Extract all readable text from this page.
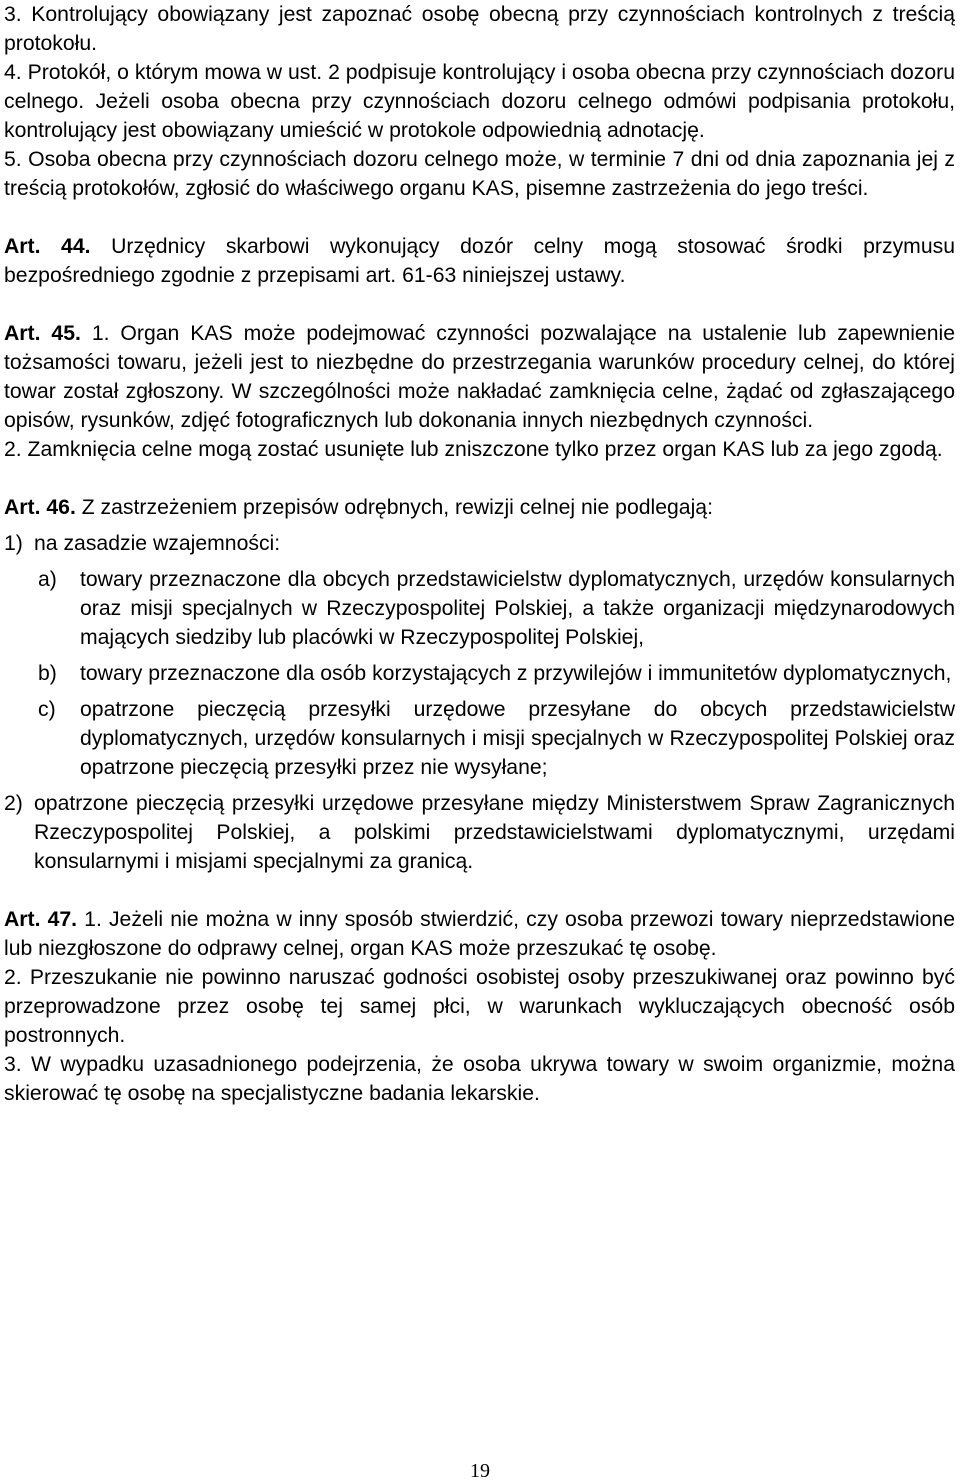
3. Kontrolujący obowiązany jest zapoznać osobę obecną przy czynnościach kontrolnych z treścią protokołu.

4. Protokół, o którym mowa w ust. 2 podpisuje kontrolujący i osoba obecna przy czynnościach dozoru celnego. Jeżeli osoba obecna przy czynnościach dozoru celnego odmówi podpisania protokołu, kontrolujący jest obowiązany umieścić w protokole odpowiednią adnotację.

5. Osoba obecna przy czynnościach dozoru celnego może, w terminie 7 dni od dnia zapoznania jej z treścią protokołów, zgłosić do właściwego organu KAS, pisemne zastrzeżenia do jego treści.

Art. 44. Urzędnicy skarbowi wykonujący dozór celny mogą stosować środki przymusu bezpośredniego zgodnie z przepisami art. 61-63 niniejszej ustawy.

Art. 45. 1. Organ KAS może podejmować czynności pozwalające na ustalenie lub zapewnienie tożsamości towaru, jeżeli jest to niezbędne do przestrzegania warunków procedury celnej, do której towar został zgłoszony. W szczególności może nakładać zamknięcia celne, żądać od zgłaszającego opisów, rysunków, zdjęć fotograficznych lub dokonania innych niezbędnych czynności.

2. Zamknięcia celne mogą zostać usunięte lub zniszczone tylko przez organ KAS lub za jego zgodą.

Art. 46. Z zastrzeżeniem przepisów odrębnych, rewizji celnej nie podlegają:

1) na zasadzie wzajemności:
a)	towary przeznaczone dla obcych przedstawicielstw dyplomatycznych, urzędów konsularnych oraz misji specjalnych w Rzeczypospolitej Polskiej, a także organizacji międzynarodowych mających siedziby lub placówki w Rzeczypospolitej Polskiej,
b)	towary przeznaczone dla osób korzystających z przywilejów i immunitetów dyplomatycznych,
c)	opatrzone pieczęcią przesyłki urzędowe przesyłane do obcych przedstawicielstw dyplomatycznych, urzędów konsularnych i misji specjalnych w Rzeczypospolitej Polskiej oraz opatrzone pieczęcią przesyłki przez nie wysyłane;
2) opatrzone pieczęcią przesyłki urzędowe przesyłane między Ministerstwem Spraw Zagranicznych Rzeczypospolitej Polskiej, a polskimi przedstawicielstwami dyplomatycznymi, urzędami konsularnymi i misjami specjalnymi za granicą.

Art. 47. 1. Jeżeli nie można w inny sposób stwierdzić, czy osoba przewozi towary nieprzedstawione lub niezgłoszone do odprawy celnej, organ KAS może przeszukać tę osobę.

2. Przeszukanie nie powinno naruszać godności osobistej osoby przeszukiwanej oraz powinno być przeprowadzone przez osobę tej samej płci, w warunkach wykluczających obecność osób postronnych.

3. W wypadku uzasadnionego podejrzenia, że osoba ukrywa towary w swoim organizmie, można skierować tę osobę na specjalistyczne badania lekarskie.

19
